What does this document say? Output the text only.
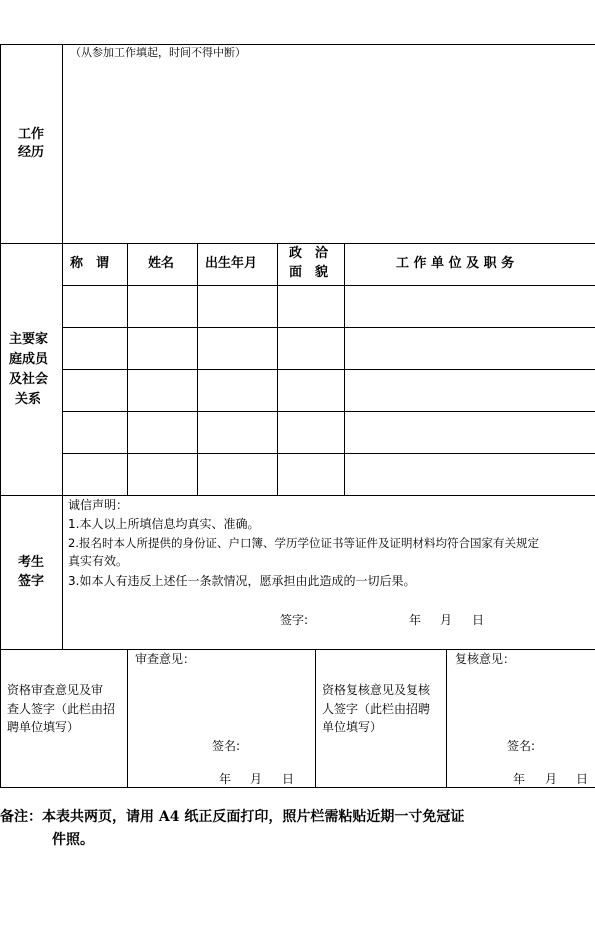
工作
经历
（从参加工作填起，时间不得中断）
主要家
庭成员
及社会
关系
称　谓	姓名 出生年月
政　洽
面　貌
工 作 单 位 及 职 务
考生
签字
诚信声明：
1.本人以上所填信息均真实、准确。
2.报名时本人所提供的身份证、户口簿、学历学位证书等证件及证明材料均符合国家有关规定
真实有效。
3.如本人有违反上述任一条款情况，愿承担由此造成的一切后果。
签字:	年 月 日
资格审查意见及审
查人签字（此栏由招
聘单位填写）
审查意见：
签名:
年 月 日
资格复核意见及复核
人签字（此栏由招聘
单位填写）
复核意见：
签名:
年 月 日
备注：本表共两页，请用 A4 纸正反面打印，照片栏需粘贴近期一寸免冠证
件照。
